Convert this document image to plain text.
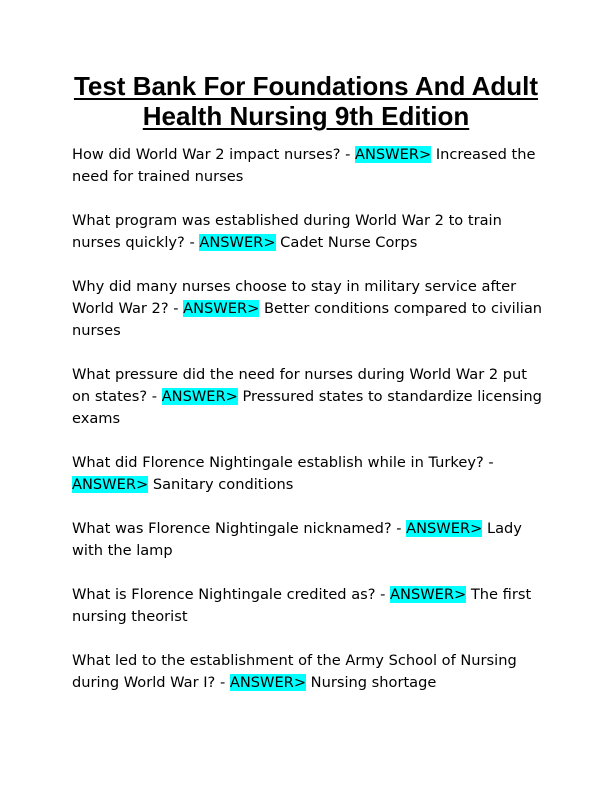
Test Bank For Foundations And Adult Health Nursing 9th Edition
How did World War 2 impact nurses? - ANSWER> Increased the need for trained nurses
What program was established during World War 2 to train nurses quickly? - ANSWER> Cadet Nurse Corps
Why did many nurses choose to stay in military service after World War 2? - ANSWER> Better conditions compared to civilian nurses
What pressure did the need for nurses during World War 2 put on states? - ANSWER> Pressured states to standardize licensing exams
What did Florence Nightingale establish while in Turkey? - ANSWER> Sanitary conditions
What was Florence Nightingale nicknamed? - ANSWER> Lady with the lamp
What is Florence Nightingale credited as? - ANSWER> The first nursing theorist
What led to the establishment of the Army School of Nursing during World War I? - ANSWER> Nursing shortage
